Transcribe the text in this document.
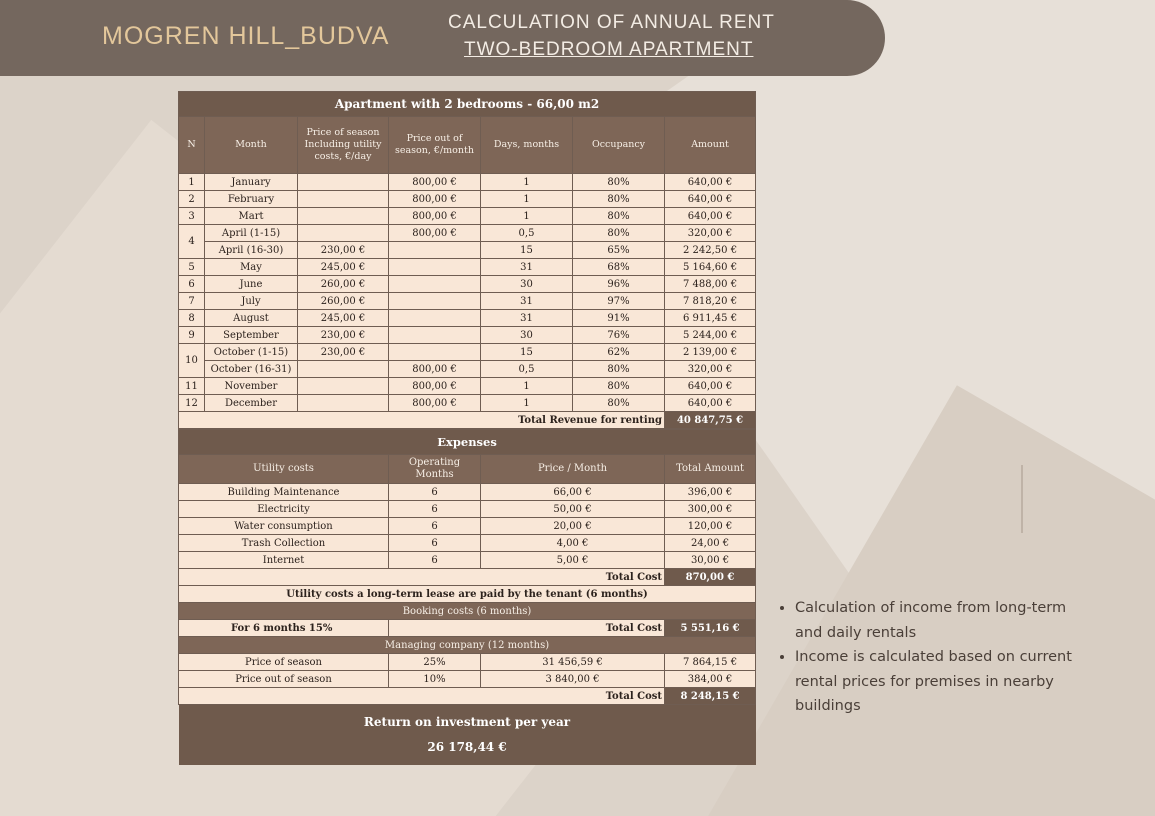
MOGREN HILL_BUDVA	CALCULATION OF ANNUAL RENT
TWO-BEDROOM APARTMENT
Apartment with 2 bedrooms - 66,00 m2						
N	Month	Price of season Including utility costs, €/day	Price out of season, €/month	Days, months	Occupancy	Amount
1	January		800,00 €	1	80%	640,00 €
2	February		800,00 €	1	80%	640,00 €
3	Mart		800,00 €	1	80%	640,00 €
4	April (1-15)		800,00 €	0,5	80%	320,00 €
	April (16-30)	230,00 €		15	65%	2 242,50 €
5	May	245,00 €		31	68%	5 164,60 €
6	June	260,00 €		30	96%	7 488,00 €
7	July	260,00 €		31	97%	7 818,20 €
8	August	245,00 €		31	91%	6 911,45 €
9	September	230,00 €		30	76%	5 244,00 €
10	October (1-15)	230,00 €		15	62%	2 139,00 €
	October (16-31)		800,00 €	0,5	80%	320,00 €
11	November		800,00 €	1	80%	640,00 €
12	December		800,00 €	1	80%	640,00 €
Total Revenue for renting						40 847,75 €
Expenses			
Utility costs	Operating Months	Price / Month	Total Amount
Building Maintenance	6	66,00 €	396,00 €
Electricity	6	50,00 €	300,00 €
Water consumption	6	20,00 €	120,00 €
Trash Collection	6	4,00 €	24,00 €
Internet	6	5,00 €	30,00 €
Total Cost			870,00 €
Utility costs a long-term lease are paid by the tenant (6 months)			
Booking costs (6 months)			
For 6 months 15%	Total Cost		5 551,16 €
Managing company (12 months)			
Price of season	25%	31 456,59 €	7 864,15 €
Price out of season	10%	3 840,00 €	384,00 €
Total Cost			8 248,15 €
Return on investment per year			
26 178,44 €			
• Calculation of income from long-term and daily rentals
• Income is calculated based on current rental prices for premises in nearby buildings
